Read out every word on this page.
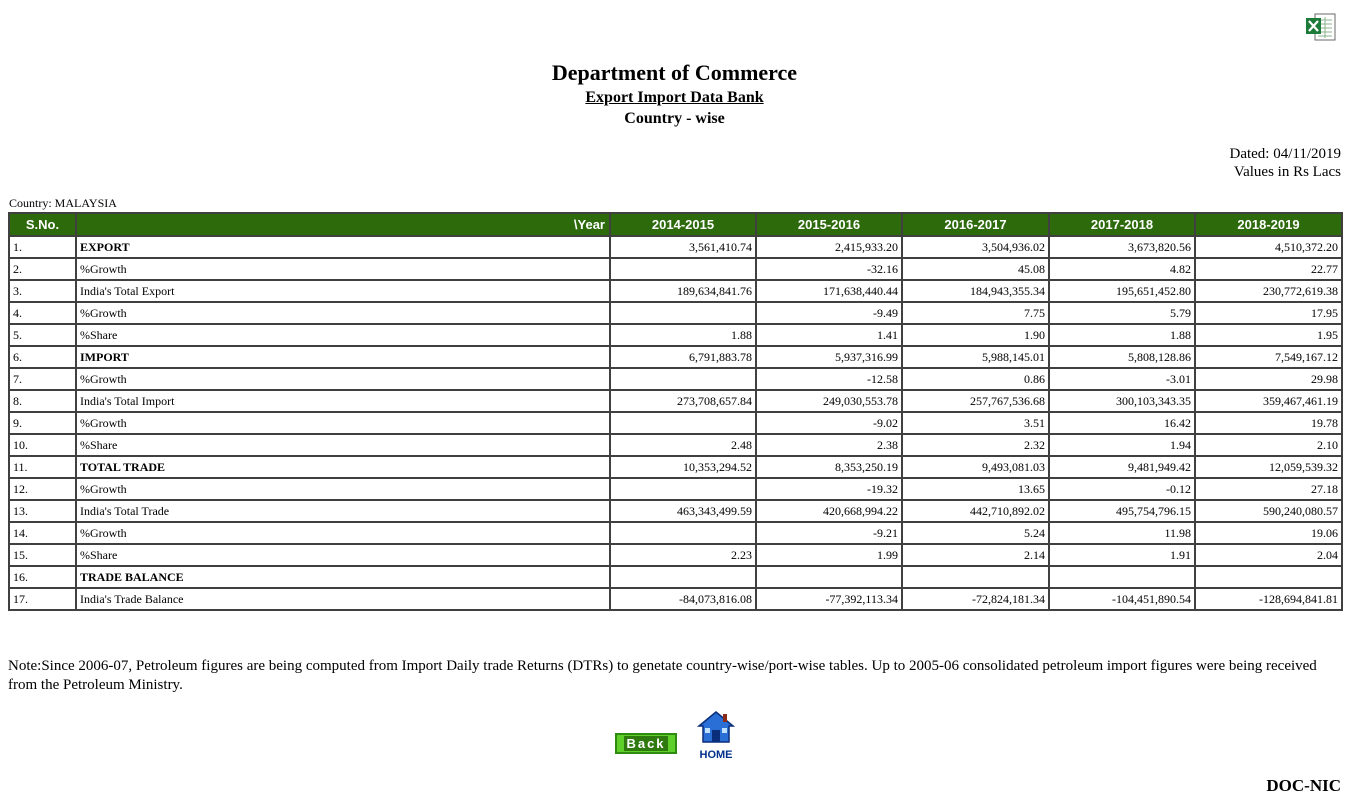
Department of Commerce
Export Import Data Bank
Country - wise
Dated: 04/11/2019
Values in Rs Lacs
Country: MALAYSIA
S.No.	\Year	2014-2015	2015-2016	2016-2017	2017-2018	2018-2019
1.	EXPORT	3,561,410.74	2,415,933.20	3,504,936.02	3,673,820.56	4,510,372.20
2.	%Growth		-32.16	45.08	4.82	22.77
3.	India's Total Export	189,634,841.76	171,638,440.44	184,943,355.34	195,651,452.80	230,772,619.38
4.	%Growth		-9.49	7.75	5.79	17.95
5.	%Share	1.88	1.41	1.90	1.88	1.95
6.	IMPORT	6,791,883.78	5,937,316.99	5,988,145.01	5,808,128.86	7,549,167.12
7.	%Growth		-12.58	0.86	-3.01	29.98
8.	India's Total Import	273,708,657.84	249,030,553.78	257,767,536.68	300,103,343.35	359,467,461.19
9.	%Growth		-9.02	3.51	16.42	19.78
10.	%Share	2.48	2.38	2.32	1.94	2.10
11.	TOTAL TRADE	10,353,294.52	8,353,250.19	9,493,081.03	9,481,949.42	12,059,539.32
12.	%Growth		-19.32	13.65	-0.12	27.18
13.	India's Total Trade	463,343,499.59	420,668,994.22	442,710,892.02	495,754,796.15	590,240,080.57
14.	%Growth		-9.21	5.24	11.98	19.06
15.	%Share	2.23	1.99	2.14	1.91	2.04
16.	TRADE BALANCE					
17.	India's Trade Balance	-84,073,816.08	-77,392,113.34	-72,824,181.34	-104,451,890.54	-128,694,841.81
Note:Since 2006-07, Petroleum figures are being computed from Import Daily trade Returns (DTRs) to genetate country-wise/port-wise tables. Up to 2005-06 consolidated petroleum import figures were being received from the Petroleum Ministry.
Back
HOME
DOC-NIC
